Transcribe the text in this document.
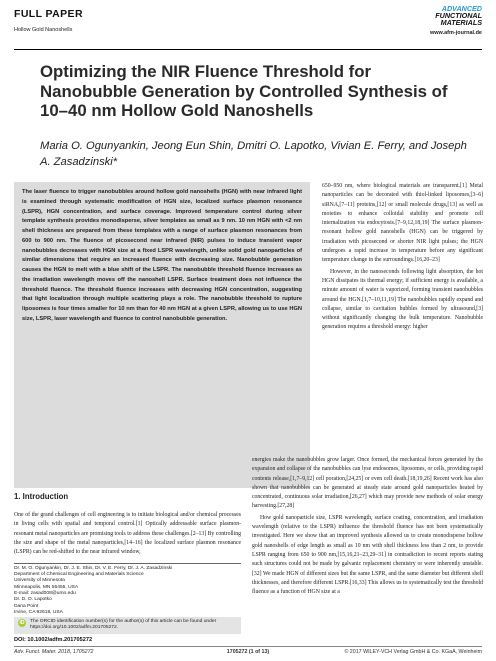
FULL PAPER
Hollow Gold Nanoshells
ADVANCED
FUNCTIONAL
MATERIALS
www.afm-journal.de
Optimizing the NIR Fluence Threshold for Nanobubble Generation by Controlled Synthesis of 10–40 nm Hollow Gold Nanoshells

Maria O. Ogunyankin, Jeong Eun Shin, Dmitri O. Lapotko, Vivian E. Ferry, and Joseph A. Zasadzinski*

The laser fluence to trigger nanobubbles around hollow gold nanoshells (HGN) with near infrared light is examined through systematic modification of HGN size, localized surface plasmon resonance (LSPR), HGN concentration, and surface coverage. Improved temperature control during silver template synthesis provides monodisperse, silver templates as small as 9 nm. 10 nm HGN with <2 nm shell thickness are prepared from these templates with a range of surface plasmon resonances from 600 to 900 nm. The fluence of picosecond near infrared (NIR) pulses to induce transient vapor nanobubbles decreases with HGN size at a fixed LSPR wavelength, unlike solid gold nanoparticles of similar dimensions that require an increased fluence with decreasing size. Nanobubble generation causes the HGN to melt with a blue shift of the LSPR. The nanobubble threshold fluence increases as the irradiation wavelength moves off the nanoshell LSPR. Surface treatment does not influence the threshold fluence. The threshold fluence increases with decreasing HGN concentration, suggesting that light localization through multiple scattering plays a role. The nanobubble threshold to rupture liposomes is four times smaller for 10 nm than for 40 nm HGN at a given LSPR, allowing us to use HGN size, LSPR, laser wavelength and fluence to control nanobubble generation.

650–950 nm, where biological materials are transparent.[1] Metal nanoparticles can be decorated with thiol-linked liposomes,[3–6] siRNA,[7–11] proteins,[12] or small molecule drugs,[13] as well as moieties to enhance colloidal stability and promote cell internalization via endocytosis.[7–9,12,18,19] The surface plasmon-resonant hollow gold nanoshells (HGN) can be triggered by irradiation with picosecond or shorter NIR light pulses; the HGN undergoes a rapid increase in temperature before any significant temperature change in the surroundings.[16,20–23]

However, in the nanoseconds following light absorption, the hot HGN dissipates its thermal energy; if sufficient energy is available, a minute amount of water is vaporized, forming transient nanobubbles around the HGN.[1,7–10,11,19] The nanobubbles rapidly expand and collapse, similar to cavitation bubbles formed by ultrasound,[3] without significantly changing the bulk temperature. Nanobubble generation requires a threshold energy: higher

1. Introduction

One of the grand challenges of cell engineering is to initiate biological and/or chemical processes in living cells with spatial and temporal control.[1] Optically addressable surface plasmon-resonant metal nanoparticles are promising tools to address these challenges.[2–13] By controlling the size and shape of the metal nanoparticles,[14–16] the localized surface plasmon resonance (LSPR) can be red-shifted to the near infrared window,

energies make the nanobubbles grow larger. Once formed, the mechanical forces generated by the expansion and collapse of the nanobubbles can lyse endosomes, liposomes, or cells, providing rapid contents release,[1,7–9,12] cell poration,[24,25] or even cell death.[18,19,26] Recent work has also shown that nanobubbles can be generated at steady state around gold nanoparticles heated by concentrated, continuous solar irradiation,[26,27] which may provide new methods of solar energy harvesting.[27,28]

How gold nanoparticle size, LSPR wavelength, surface coating, concentration, and irradiation wavelength (relative to the LSPR) influence the threshold fluence has not been systematically investigated. Here we show that an improved synthesis allowed us to create monodisperse hollow gold nanoshells of edge length as small as 10 nm with shell thickness less than 2 nm, to provide LSPR ranging from 650 to 900 nm,[15,16,21–23,29–31] in contradiction to recent reports stating such structures could not be made by galvanic replacement chemistry or were inherently unstable.[32] We made HGN of different sizes but the same LSPR, and the same diameter but different shell thicknesses, and therefore different LSPR.[16,33] This allows us to systematically test the threshold fluence as a function of HGN size at a

Dr. M. O. Ogunyankin, Dr. J. E. Shin, Dr. V. E. Ferry, Dr. J. A. Zasadzinski
Department of Chemical Engineering and Materials Science
University of Minnesota
Minneapolis, MN 55455, USA
E-mail: zasad008@umn.edu
Dr. D. O. Lapotko
Dana Point
Irvine, CA 92618, USA
iD The ORCID identification number(s) for the author(s) of this article can be found under https://doi.org/10.1002/adfm.201705272.
DOI: 10.1002/adfm.201705272
Adv. Funct. Mater. 2018, 1705272	1705272 (1 of 13)	© 2017 WILEY-VCH Verlag GmbH & Co. KGaA, Weinheim
